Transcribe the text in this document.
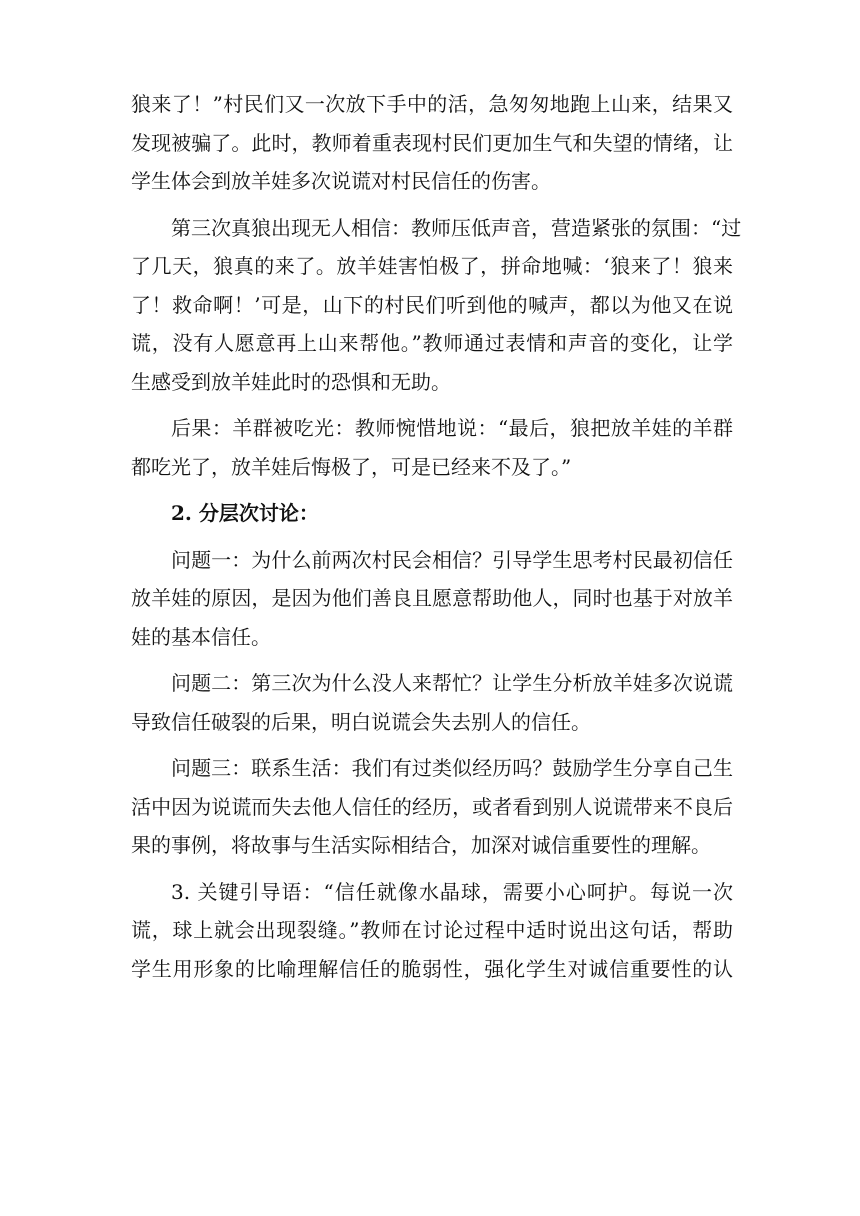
狼来了！”村民们又一次放下手中的活，急匆匆地跑上山来，结果又
发现被骗了。此时，教师着重表现村民们更加生气和失望的情绪，让
学生体会到放羊娃多次说谎对村民信任的伤害。

第三次真狼出现无人相信：教师压低声音，营造紧张的氛围：“过
了几天，狼真的来了。放羊娃害怕极了，拼命地喊：‘狼来了！狼来
了！救命啊！’可是，山下的村民们听到他的喊声，都以为他又在说
谎，没有人愿意再上山来帮他。”教师通过表情和声音的变化，让学
生感受到放羊娃此时的恐惧和无助。

后果：羊群被吃光：教师惋惜地说：“最后，狼把放羊娃的羊群
都吃光了，放羊娃后悔极了，可是已经来不及了。”

2. 分层次讨论：

问题一：为什么前两次村民会相信？引导学生思考村民最初信任
放羊娃的原因，是因为他们善良且愿意帮助他人，同时也基于对放羊
娃的基本信任。

问题二：第三次为什么没人来帮忙？让学生分析放羊娃多次说谎
导致信任破裂的后果，明白说谎会失去别人的信任。

问题三：联系生活：我们有过类似经历吗？鼓励学生分享自己生
活中因为说谎而失去他人信任的经历，或者看到别人说谎带来不良后
果的事例，将故事与生活实际相结合，加深对诚信重要性的理解。

3. 关键引导语：“信任就像水晶球，需要小心呵护。每说一次
谎，球上就会出现裂缝。”教师在讨论过程中适时说出这句话，帮助
学生用形象的比喻理解信任的脆弱性，强化学生对诚信重要性的认
